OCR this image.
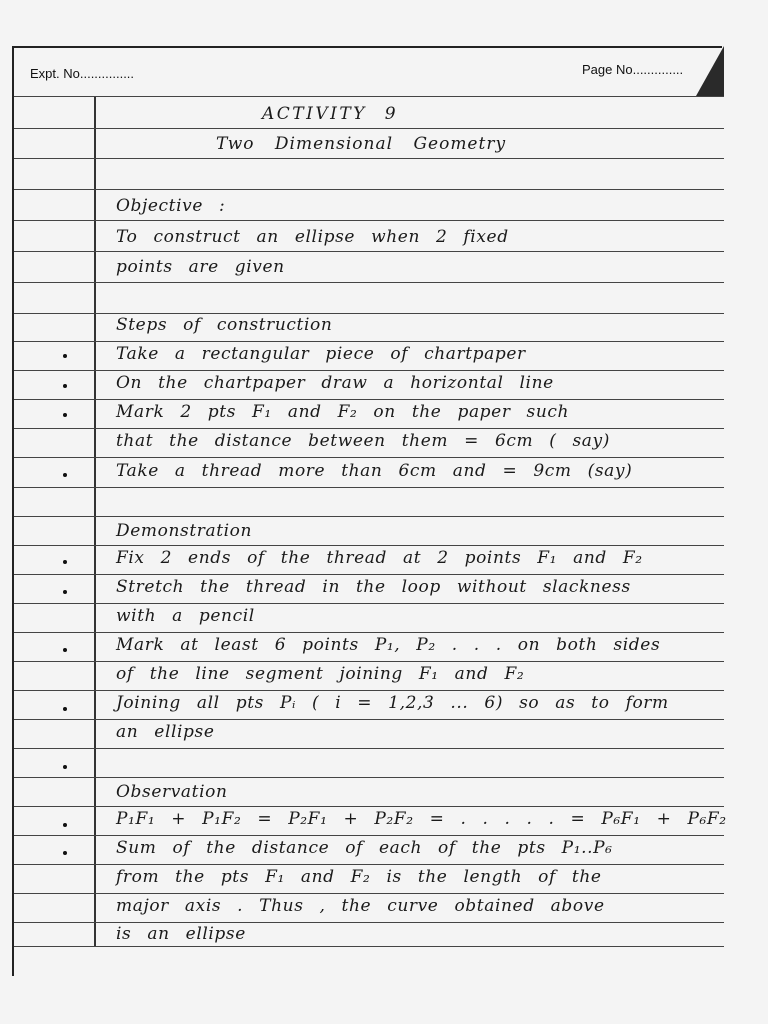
Expt. No...............	Page No..............
ACTIVITY 9
Two Dimensional Geometry
Objective :
To construct an ellipse when 2 fixed
points are given
Steps of construction
Take a rectangular piece of chartpaper
On the chartpaper draw a horizontal line
Mark 2 pts F₁ and F₂ on the paper such
that the distance between them = 6cm ( say)
Take a thread more than 6cm and = 9cm (say)
Demonstration
Fix 2 ends of the thread at 2 points F₁ and F₂
Stretch the thread in the loop without slackness
with a pencil
Mark at least 6 points P₁, P₂ . . . on both sides
of the line segment joining F₁ and F₂
Joining all pts Pᵢ ( i = 1,2,3 ... 6) so as to form
an ellipse
Observation
P₁F₁ + P₁F₂ = P₂F₁ + P₂F₂ = . . . . . = P₆F₁ + P₆F₂
Sum of the distance of each of the pts P₁..P₆
from the pts F₁ and F₂ is the length of the
major axis . Thus , the curve obtained above
is an ellipse
